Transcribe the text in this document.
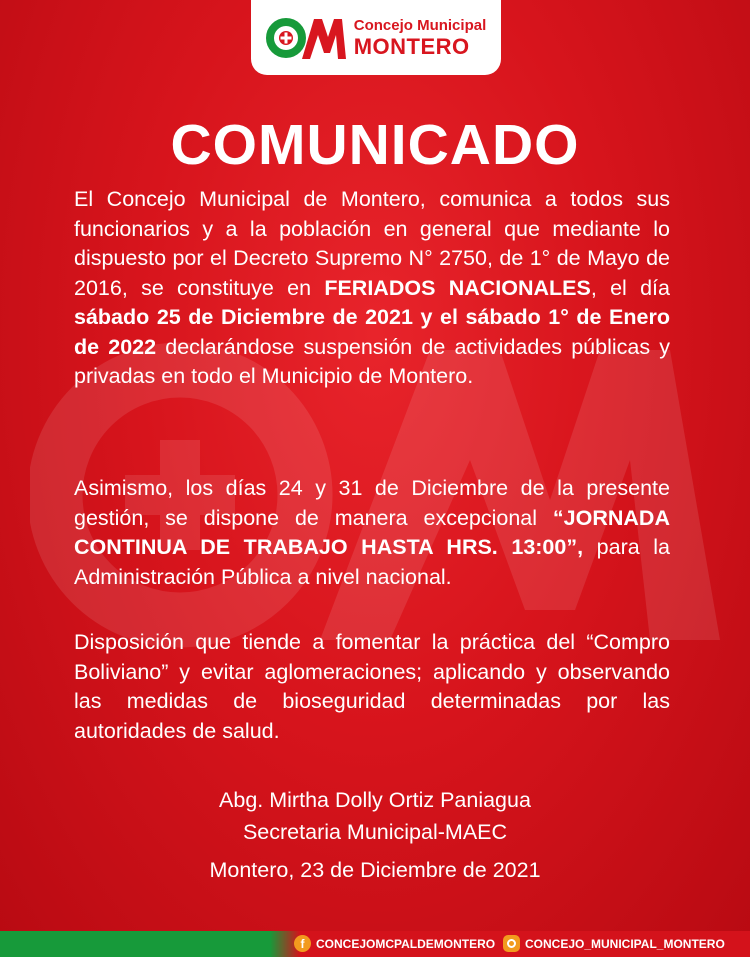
Concejo Municipal
MONTERO
COMUNICADO

El Concejo Municipal de Montero, comunica a todos sus funcionarios y a la población en general que mediante lo dispuesto por el Decreto Supremo N° 2750, de 1° de Mayo de 2016, se constituye en FERIADOS NACIONALES, el día sábado 25 de Diciembre de 2021 y el sábado 1° de Enero de 2022 declarándose suspensión de actividades públicas y privadas en todo el Municipio de Montero.

Asimismo, los días 24 y 31 de Diciembre de la presente gestión, se dispone de manera excepcional “JORNADA CONTINUA DE TRABAJO HASTA HRS. 13:00”, para la Administración Pública a nivel nacional.

Disposición que tiende a fomentar la práctica del “Compro Boliviano” y evitar aglomeraciones; aplicando y observando las medidas de bioseguridad determinadas por las autoridades de salud.

Abg. Mirtha Dolly Ortiz Paniagua
Secretaria Municipal-MAEC
Montero, 23 de Diciembre de 2021
f CONCEJOMCPALDEMONTERO CONCEJO_MUNICIPAL_MONTERO
